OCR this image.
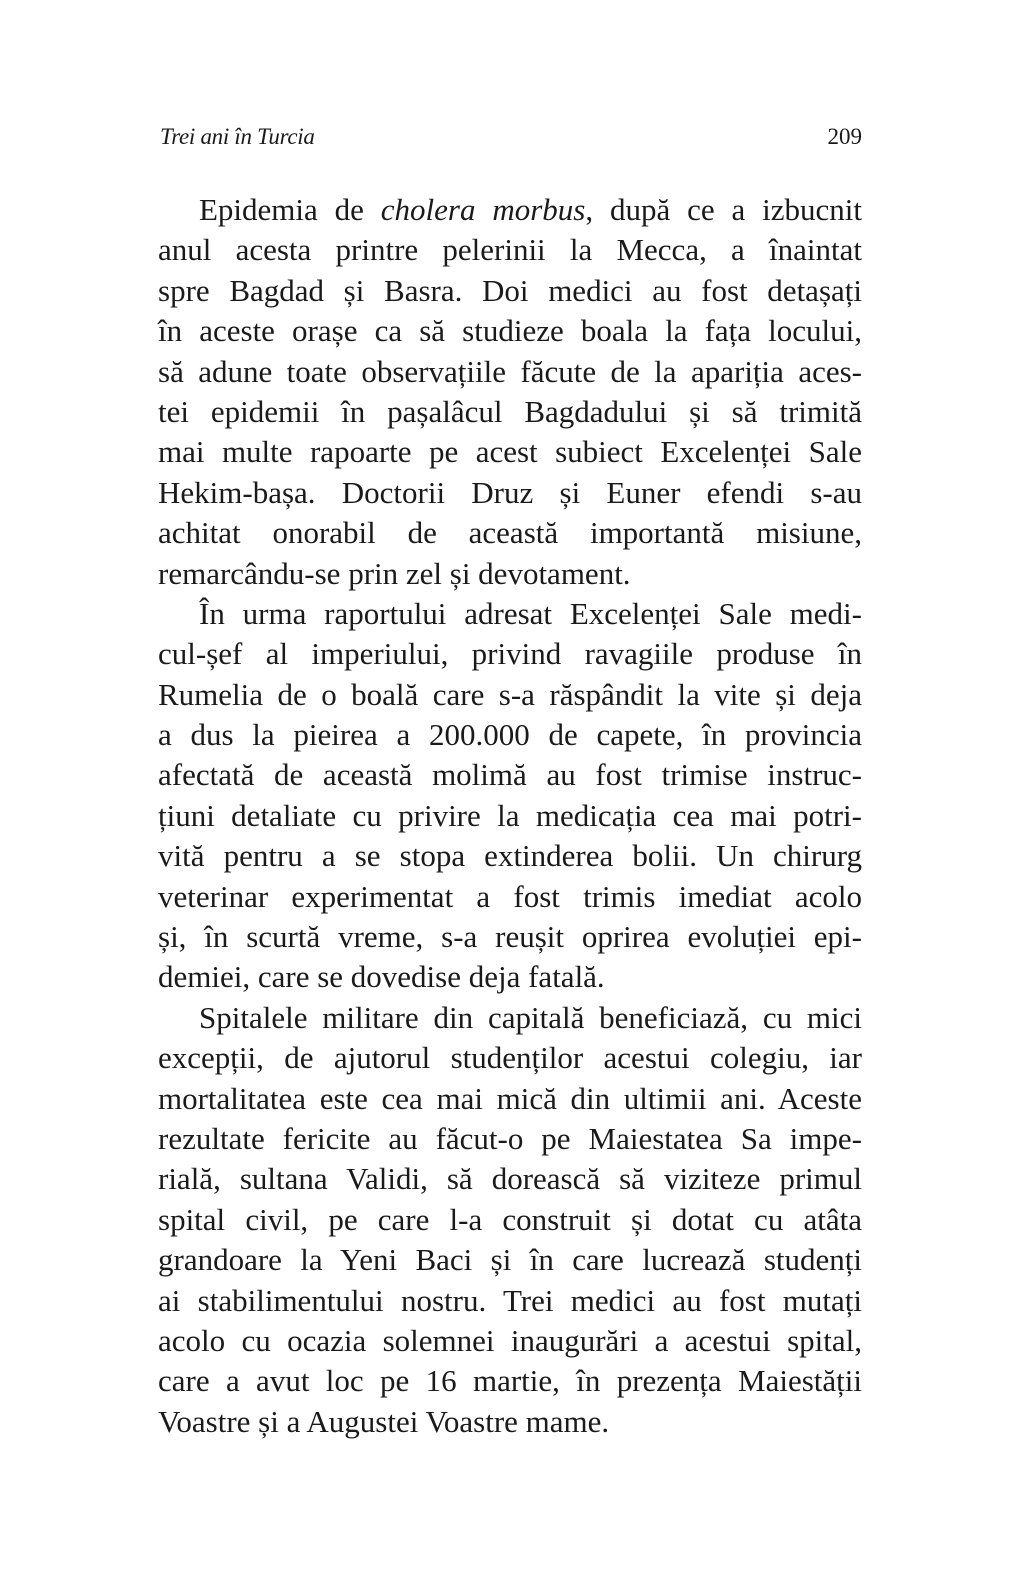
Trei ani în Turcia	209
Epidemia de cholera morbus, după ce a izbucnit
anul acesta printre pelerinii la Mecca, a înaintat
spre Bagdad și Basra. Doi medici au fost detașați
în aceste orașe ca să studieze boala la fața locului,
să adune toate observațiile făcute de la apariția aces-
tei epidemii în pașalâcul Bagdadului și să trimită
mai multe rapoarte pe acest subiect Excelenței Sale
Hekim-bașa. Doctorii Druz și Euner efendi s-au
achitat onorabil de această importantă misiune,
remarcându-se prin zel și devotament.
În urma raportului adresat Excelenței Sale medi-
cul-șef al imperiului, privind ravagiile produse în
Rumelia de o boală care s-a răspândit la vite și deja
a dus la pieirea a 200.000 de capete, în provincia
afectată de această molimă au fost trimise instruc-
țiuni detaliate cu privire la medicația cea mai potri-
vită pentru a se stopa extinderea bolii. Un chirurg
veterinar experimentat a fost trimis imediat acolo
și, în scurtă vreme, s-a reușit oprirea evoluției epi-
demiei, care se dovedise deja fatală.
Spitalele militare din capitală beneficiază, cu mici
excepții, de ajutorul studenților acestui colegiu, iar
mortalitatea este cea mai mică din ultimii ani. Aceste
rezultate fericite au făcut-o pe Maiestatea Sa impe-
rială, sultana Validi, să dorească să viziteze primul
spital civil, pe care l-a construit și dotat cu atâta
grandoare la Yeni Baci și în care lucrează studenți
ai stabilimentului nostru. Trei medici au fost mutați
acolo cu ocazia solemnei inaugurări a acestui spital,
care a avut loc pe 16 martie, în prezența Maiestății
Voastre și a Augustei Voastre mame.
